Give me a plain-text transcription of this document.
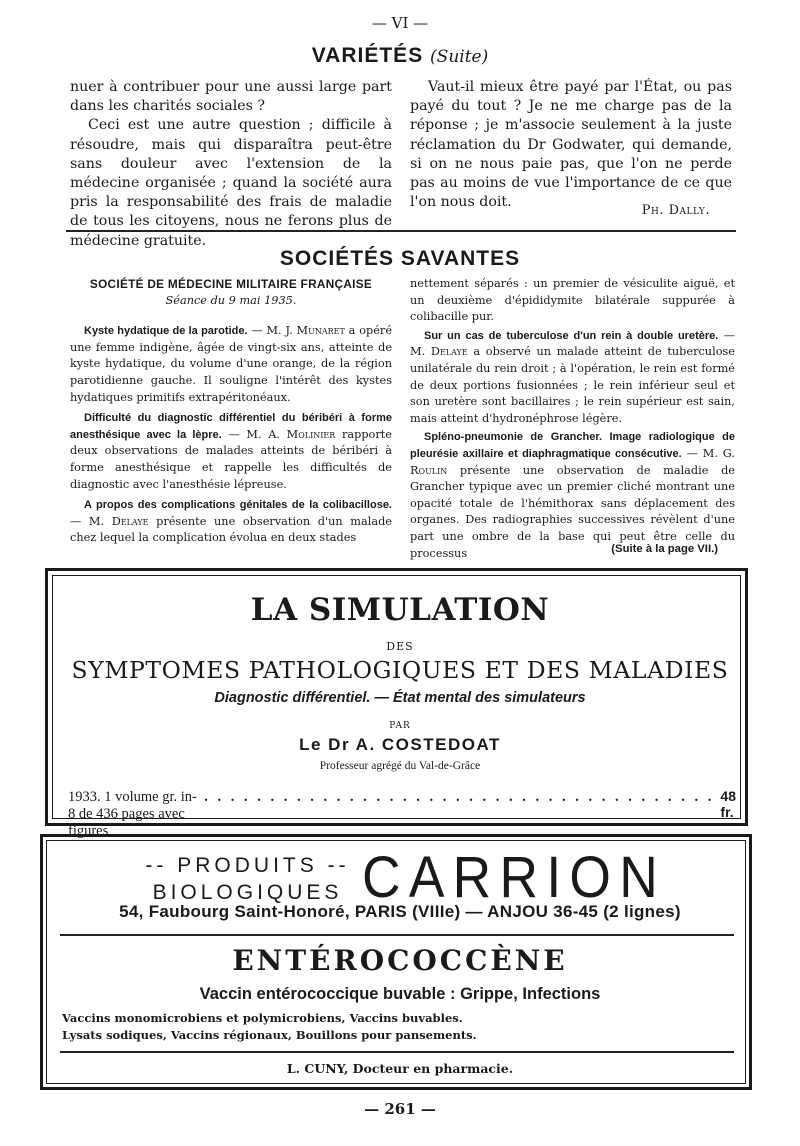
— VI —
VARIÉTÉS (Suite)

nuer à contribuer pour une aussi large part dans les charités sociales ?

Ceci est une autre question ; difficile à résoudre, mais qui disparaîtra peut-être sans douleur avec l'extension de la médecine organisée ; quand la société aura pris la responsabilité des frais de maladie de tous les citoyens, nous ne ferons plus de médecine gratuite.

Vaut-il mieux être payé par l'État, ou pas payé du tout ? Je ne me charge pas de la réponse ; je m'associe seulement à la juste réclamation du Dr Godwater, qui demande, si on ne nous paie pas, que l'on ne perde pas au moins de vue l'importance de ce que l'on nous doit.

Ph. Dally.
SOCIÉTÉS SAVANTES

SOCIÉTÉ DE MÉDECINE MILITAIRE FRANÇAISE

Séance du 9 mai 1935.

Kyste hydatique de la parotide. — M. J. Munaret a opéré une femme indigène, âgée de vingt-six ans, atteinte de kyste hydatique, du volume d'une orange, de la région parotidienne gauche. Il souligne l'intérêt des kystes hydatiques primitifs extrapéritonéaux.

Difficulté du diagnostic différentiel du béribéri à forme anesthésique avec la lèpre. — M. A. Molinier rapporte deux observations de malades atteints de béribéri à forme anesthésique et rappelle les difficultés de diagnostic avec l'anesthésie lépreuse.

A propos des complications génitales de la colibacillose. — M. Delaye présente une observation d'un malade chez lequel la complication évolua en deux stades

nettement séparés : un premier de vésiculite aiguë, et un deuxième d'épididymite bilatérale suppurée à colibacille pur.

Sur un cas de tuberculose d'un rein à double uretère. — M. Delaye a observé un malade atteint de tuberculose unilatérale du rein droit ; à l'opération, le rein est formé de deux portions fusionnées ; le rein inférieur seul et son uretère sont bacillaires ; le rein supérieur est sain, mais atteint d'hydronéphrose légère.

Spléno-pneumonie de Grancher. Image radiologique de pleurésie axillaire et diaphragmatique consécutive. — M. G. Roulin présente une observation de maladie de Grancher typique avec un premier cliché montrant une opacité totale de l'hémithorax sans déplacement des organes. Des radiographies successives révèlent d'une part une ombre de la base qui peut être celle du processus	(Suite à la page VII.)
LA SIMULATION
DES
SYMPTOMES PATHOLOGIQUES ET DES MALADIES
Diagnostic différentiel. — État mental des simulateurs
PAR
Le Dr A. COSTEDOAT
Professeur agrégé du Val-de-Grâce
1933. 1 volume gr. in-8 de 436 pages avec figures
. . . . . . . . . . . . . . . . . . . . . . . . . . . . . . . . . . . . . . . 48 fr.
-- PRODUITS --
BIOLOGIQUES CARRION
54, Faubourg Saint-Honoré, PARIS (VIIIe) — ANJOU 36-45 (2 lignes)
ENTÉROCOCCÈNE
Vaccin entérococcique buvable : Grippe, Infections
Vaccins monomicrobiens et polymicrobiens, Vaccins buvables.
Lysats sodiques, Vaccins régionaux, Bouillons pour pansements.
L. CUNY, Docteur en pharmacie.
— 261 —
